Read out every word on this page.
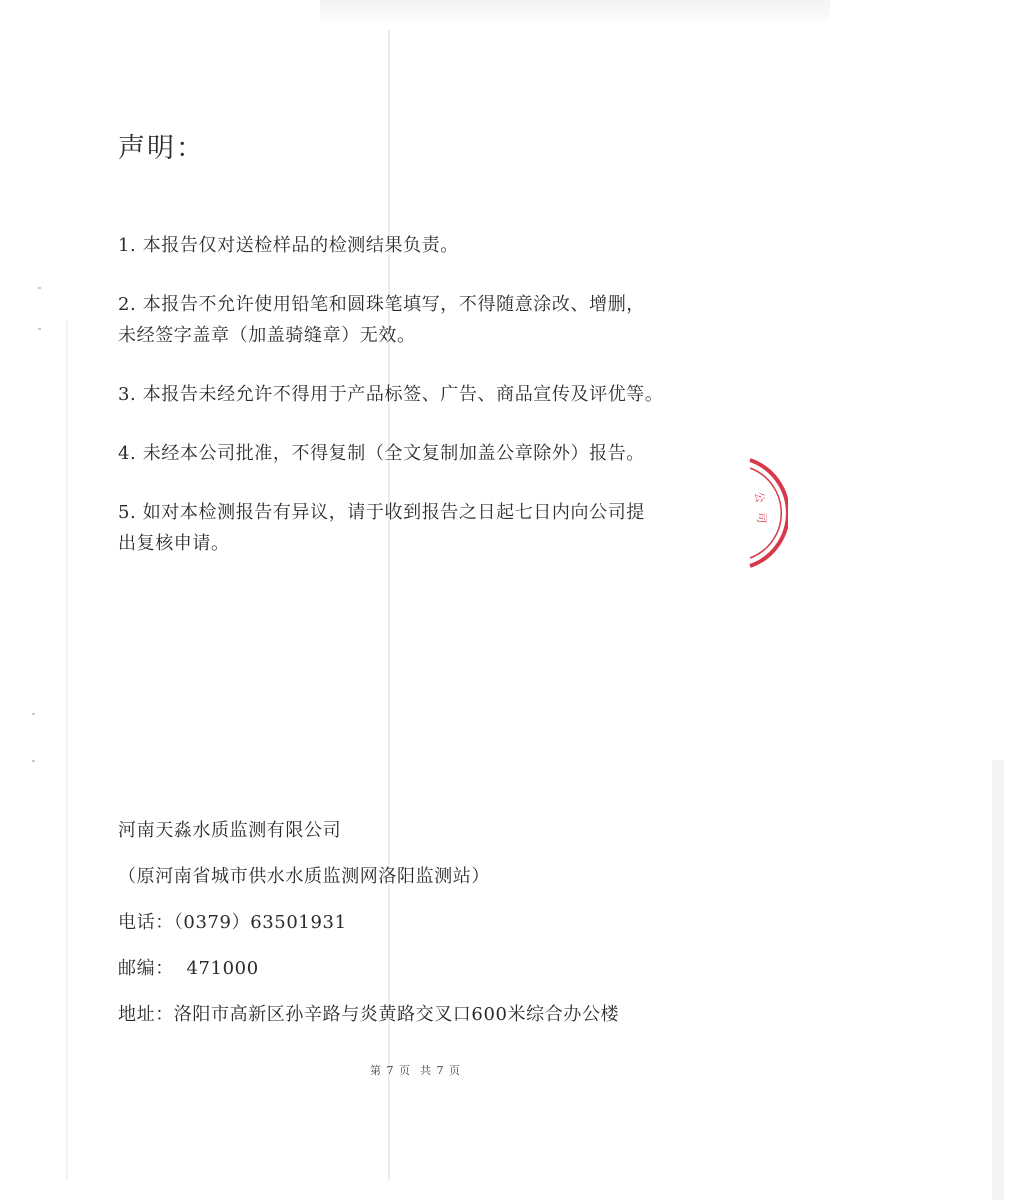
声明：
1. 本报告仅对送检样品的检测结果负责。
2. 本报告不允许使用铅笔和圆珠笔填写，不得随意涂改、增删，
未经签字盖章（加盖骑缝章）无效。
3. 本报告未经允许不得用于产品标签、广告、商品宣传及评优等。
4. 未经本公司批准，不得复制（全文复制加盖公章除外）报告。
5. 如对本检测报告有异议，请于收到报告之日起七日内向公司提
出复核申请。
河南天淼水质监测有限公司
（原河南省城市供水水质监测网洛阳监测站）
电话：（0379）63501931
邮编：  471000
地址：洛阳市高新区孙辛路与炎黄路交叉口600米综合办公楼
第 7 页  共 7 页
公
司
